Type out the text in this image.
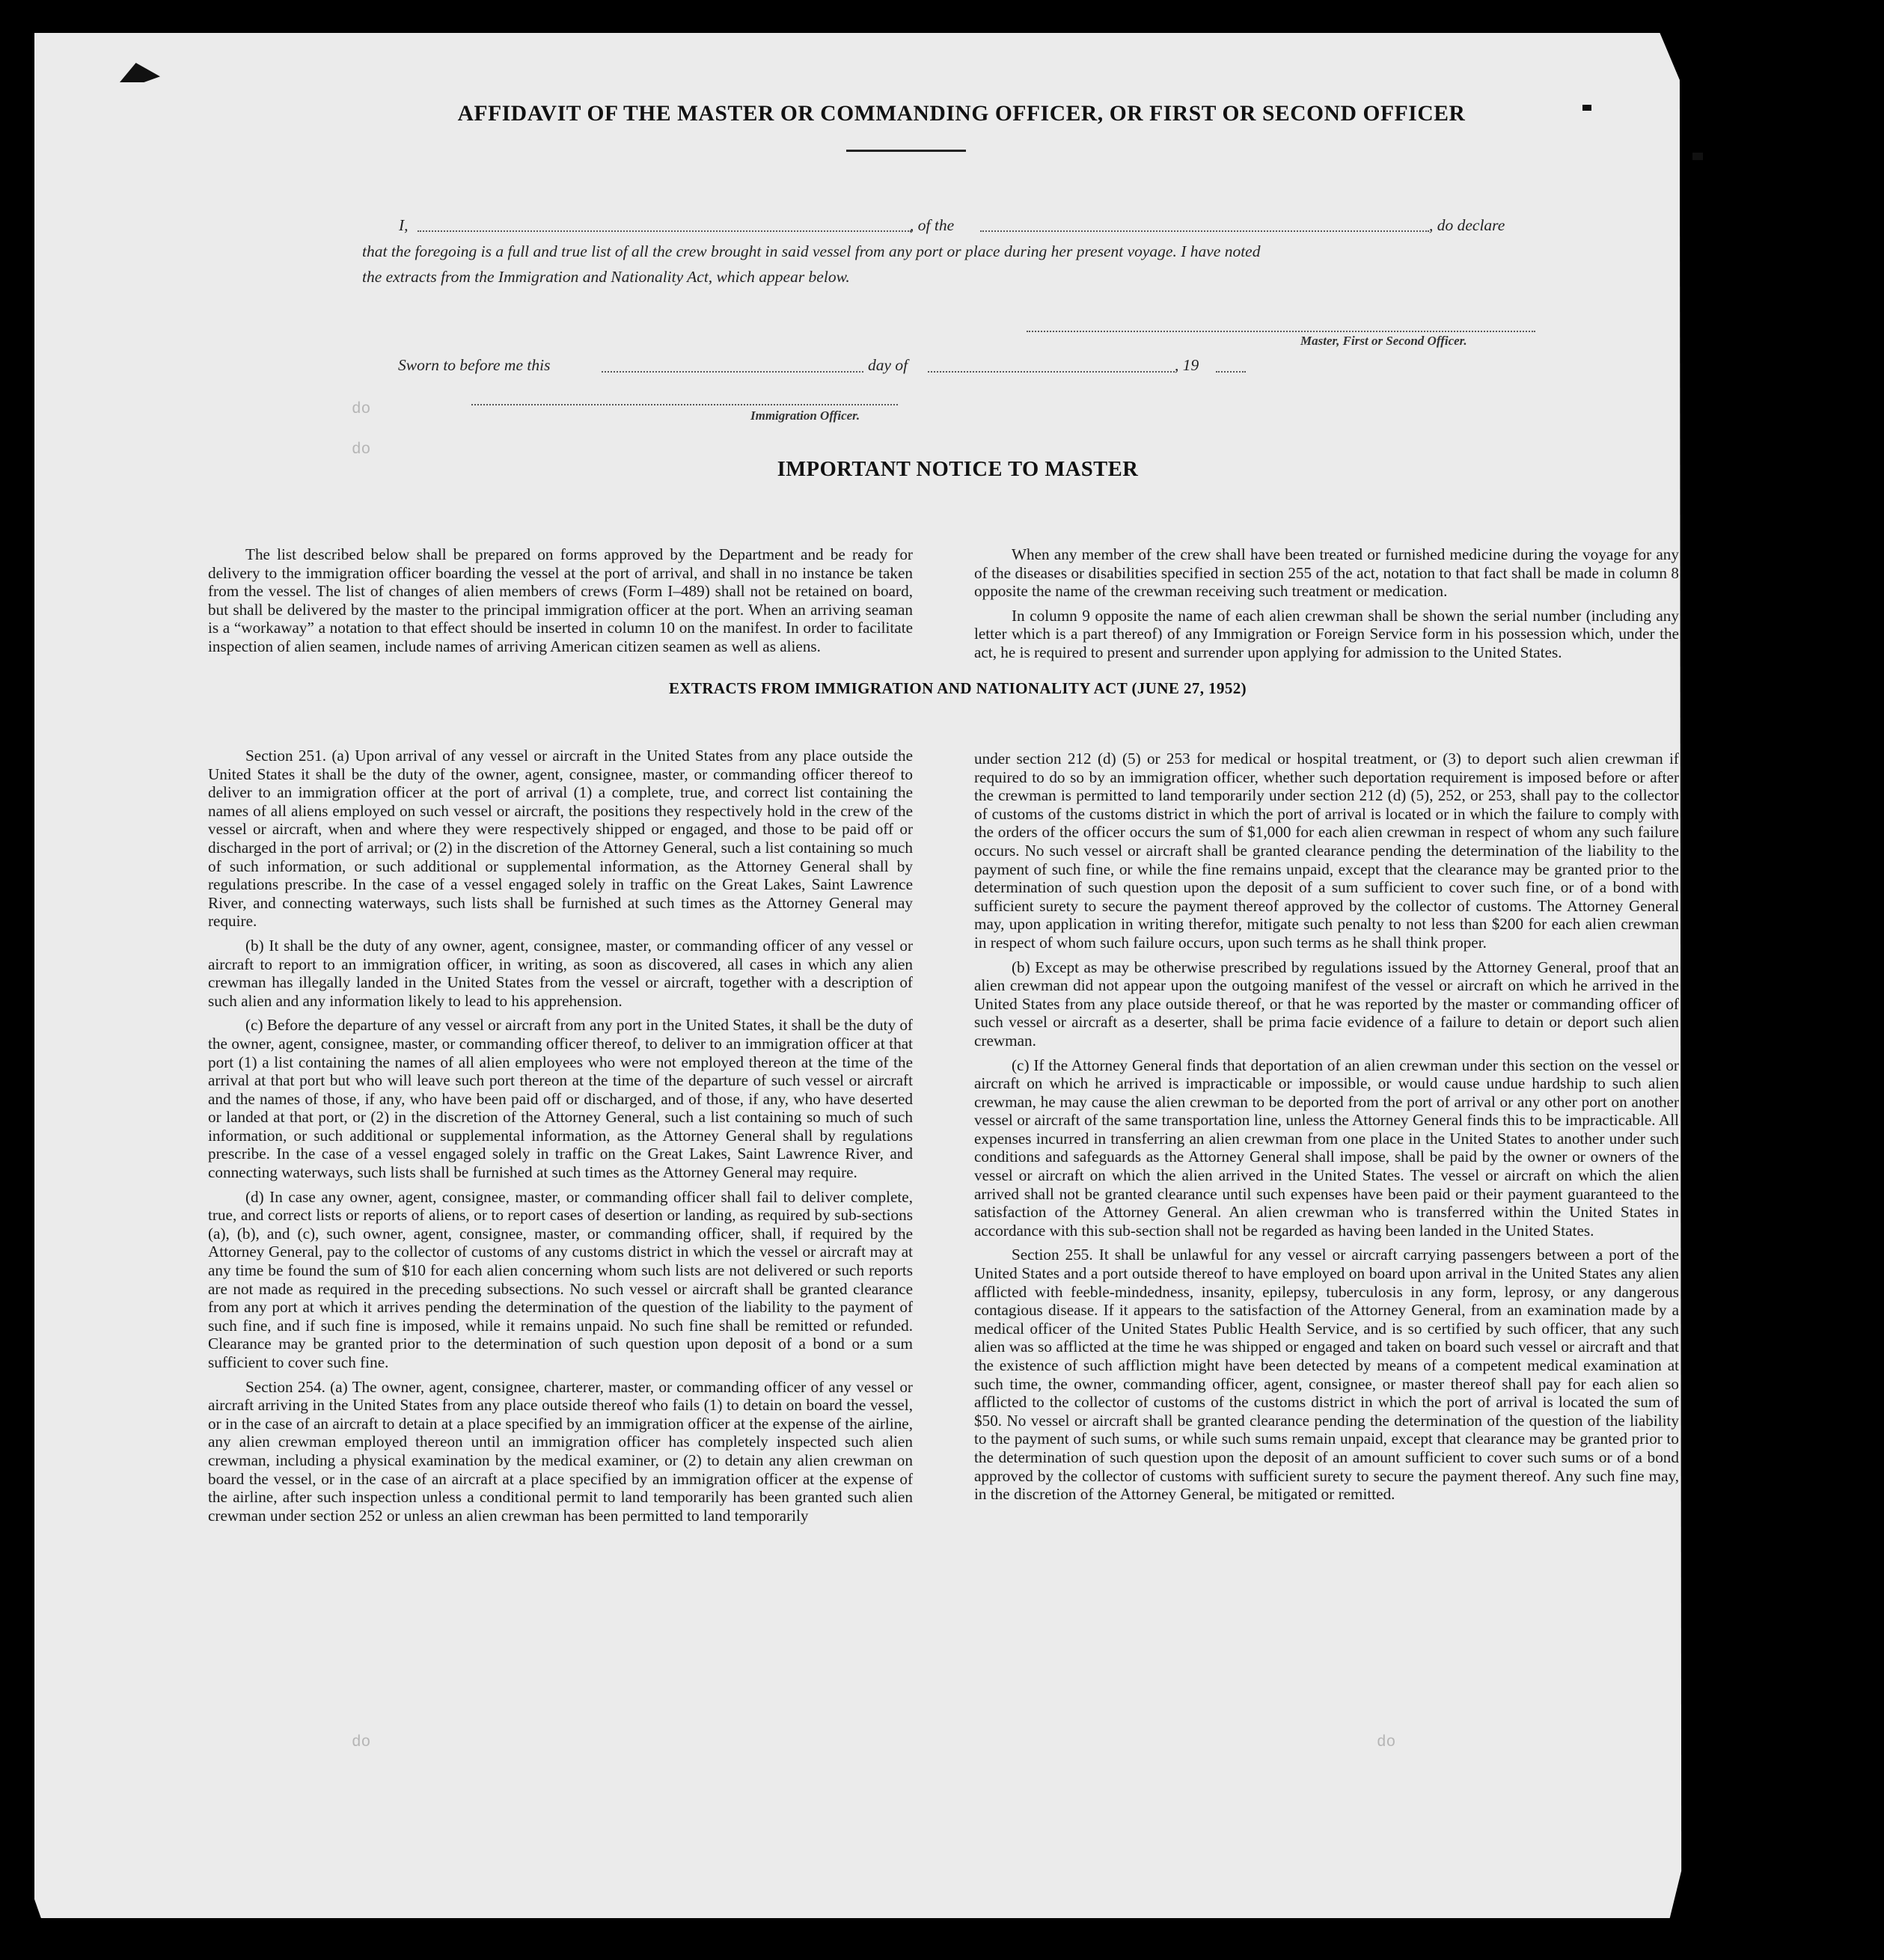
do
do
do	do
AFFIDAVIT OF THE MASTER OR COMMANDING OFFICER, OR FIRST OR SECOND OFFICER
I,	, of the	, do declare
that the foregoing is a full and true list of all the crew brought in said vessel from any port or place during her present voyage. I have noted
the extracts from the Immigration and Nationality Act, which appear below.
Master, First or Second Officer.
Sworn to before me this	day of	, 19
Immigration Officer.
IMPORTANT NOTICE TO MASTER

The list described below shall be prepared on forms approved by the Department and be ready for delivery to the immigration officer boarding the vessel at the port of arrival, and shall in no instance be taken from the vessel. The list of changes of alien members of crews (Form I–489) shall not be retained on board, but shall be delivered by the master to the principal immigration officer at the port. When an arriving seaman is a “workaway” a notation to that effect should be inserted in column 10 on the manifest. In order to facilitate inspection of alien seamen, include names of arriving American citizen seamen as well as aliens.

When any member of the crew shall have been treated or furnished medicine during the voyage for any of the diseases or disabilities specified in section 255 of the act, notation to that fact shall be made in column 8 opposite the name of the crewman receiving such treatment or medication.

In column 9 opposite the name of each alien crewman shall be shown the serial number (including any letter which is a part thereof) of any Immigration or Foreign Service form in his possession which, under the act, he is required to present and surrender upon applying for admission to the United States.

EXTRACTS FROM IMMIGRATION AND NATIONALITY ACT (JUNE 27, 1952)

Section 251. (a) Upon arrival of any vessel or aircraft in the United States from any place outside the United States it shall be the duty of the owner, agent, consignee, master, or commanding officer thereof to deliver to an immigration officer at the port of arrival (1) a complete, true, and correct list containing the names of all aliens employed on such vessel or aircraft, the positions they respectively hold in the crew of the vessel or aircraft, when and where they were respectively shipped or engaged, and those to be paid off or discharged in the port of arrival; or (2) in the discretion of the Attorney General, such a list containing so much of such information, or such additional or supplemental information, as the Attorney General shall by regulations prescribe. In the case of a vessel engaged solely in traffic on the Great Lakes, Saint Lawrence River, and connecting waterways, such lists shall be furnished at such times as the Attorney General may require.

(b) It shall be the duty of any owner, agent, consignee, master, or commanding officer of any vessel or aircraft to report to an immigration officer, in writing, as soon as discovered, all cases in which any alien crewman has illegally landed in the United States from the vessel or aircraft, together with a description of such alien and any information likely to lead to his apprehension.

(c) Before the departure of any vessel or aircraft from any port in the United States, it shall be the duty of the owner, agent, consignee, master, or commanding officer thereof, to deliver to an immigration officer at that port (1) a list containing the names of all alien employees who were not employed thereon at the time of the arrival at that port but who will leave such port thereon at the time of the departure of such vessel or aircraft and the names of those, if any, who have been paid off or discharged, and of those, if any, who have deserted or landed at that port, or (2) in the discretion of the Attorney General, such a list containing so much of such information, or such additional or supplemental information, as the Attorney General shall by regulations prescribe. In the case of a vessel engaged solely in traffic on the Great Lakes, Saint Lawrence River, and connecting waterways, such lists shall be furnished at such times as the Attorney General may require.

(d) In case any owner, agent, consignee, master, or commanding officer shall fail to deliver complete, true, and correct lists or reports of aliens, or to report cases of desertion or landing, as required by sub-sections (a), (b), and (c), such owner, agent, consignee, master, or commanding officer, shall, if required by the Attorney General, pay to the collector of customs of any customs district in which the vessel or aircraft may at any time be found the sum of $10 for each alien concerning whom such lists are not delivered or such reports are not made as required in the preceding subsections. No such vessel or aircraft shall be granted clearance from any port at which it arrives pending the determination of the question of the liability to the payment of such fine, and if such fine is imposed, while it remains unpaid. No such fine shall be remitted or refunded. Clearance may be granted prior to the determination of such question upon deposit of a bond or a sum sufficient to cover such fine.

Section 254. (a) The owner, agent, consignee, charterer, master, or commanding officer of any vessel or aircraft arriving in the United States from any place outside thereof who fails (1) to detain on board the vessel, or in the case of an aircraft to detain at a place specified by an immigration officer at the expense of the airline, any alien crewman employed thereon until an immigration officer has completely inspected such alien crewman, including a physical examination by the medical examiner, or (2) to detain any alien crewman on board the vessel, or in the case of an aircraft at a place specified by an immigration officer at the expense of the airline, after such inspection unless a conditional permit to land temporarily has been granted such alien crewman under section 252 or unless an alien crewman has been permitted to land temporarily

under section 212 (d) (5) or 253 for medical or hospital treatment, or (3) to deport such alien crewman if required to do so by an immigration officer, whether such deportation requirement is imposed before or after the crewman is permitted to land temporarily under section 212 (d) (5), 252, or 253, shall pay to the collector of customs of the customs district in which the port of arrival is located or in which the failure to comply with the orders of the officer occurs the sum of $1,000 for each alien crewman in respect of whom any such failure occurs. No such vessel or aircraft shall be granted clearance pending the determination of the liability to the payment of such fine, or while the fine remains unpaid, except that the clearance may be granted prior to the determination of such question upon the deposit of a sum sufficient to cover such fine, or of a bond with sufficient surety to secure the payment thereof approved by the collector of customs. The Attorney General may, upon application in writing therefor, mitigate such penalty to not less than $200 for each alien crewman in respect of whom such failure occurs, upon such terms as he shall think proper.

(b) Except as may be otherwise prescribed by regulations issued by the Attorney General, proof that an alien crewman did not appear upon the outgoing manifest of the vessel or aircraft on which he arrived in the United States from any place outside thereof, or that he was reported by the master or commanding officer of such vessel or aircraft as a deserter, shall be prima facie evidence of a failure to detain or deport such alien crewman.

(c) If the Attorney General finds that deportation of an alien crewman under this section on the vessel or aircraft on which he arrived is impracticable or impossible, or would cause undue hardship to such alien crewman, he may cause the alien crewman to be deported from the port of arrival or any other port on another vessel or aircraft of the same transportation line, unless the Attorney General finds this to be impracticable. All expenses incurred in transferring an alien crewman from one place in the United States to another under such conditions and safeguards as the Attorney General shall impose, shall be paid by the owner or owners of the vessel or aircraft on which the alien arrived in the United States. The vessel or aircraft on which the alien arrived shall not be granted clearance until such expenses have been paid or their payment guaranteed to the satisfaction of the Attorney General. An alien crewman who is transferred within the United States in accordance with this sub-section shall not be regarded as having been landed in the United States.

Section 255. It shall be unlawful for any vessel or aircraft carrying passengers between a port of the United States and a port outside thereof to have employed on board upon arrival in the United States any alien afflicted with feeble-mindedness, insanity, epilepsy, tuberculosis in any form, leprosy, or any dangerous contagious disease. If it appears to the satisfaction of the Attorney General, from an examination made by a medical officer of the United States Public Health Service, and is so certified by such officer, that any such alien was so afflicted at the time he was shipped or engaged and taken on board such vessel or aircraft and that the existence of such affliction might have been detected by means of a competent medical examination at such time, the owner, commanding officer, agent, consignee, or master thereof shall pay for each alien so afflicted to the collector of customs of the customs district in which the port of arrival is located the sum of $50. No vessel or aircraft shall be granted clearance pending the determination of the question of the liability to the payment of such sums, or while such sums remain unpaid, except that clearance may be granted prior to the determination of such question upon the deposit of an amount sufficient to cover such sums or of a bond approved by the collector of customs with sufficient surety to secure the payment thereof. Any such fine may, in the discretion of the Attorney General, be mitigated or remitted.
